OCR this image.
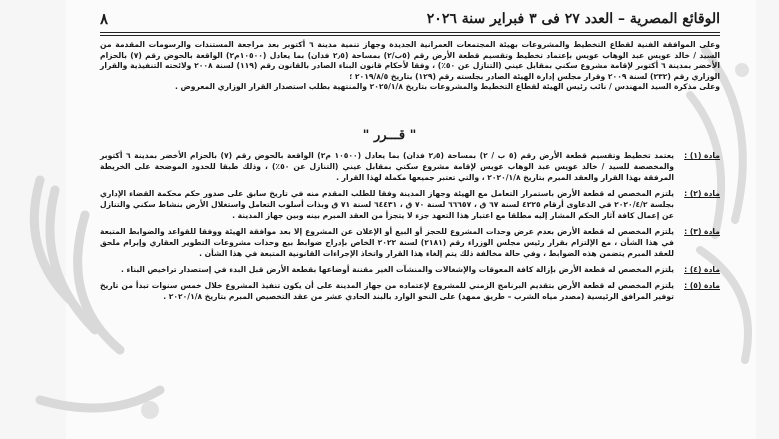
الوقائع المصرية – العدد ٢٧ فى ٣ فبراير سنة ٢٠٢٦
٨

وعلى الموافقة الفنية لقطاع التخطيط والمشروعات بهيئة المجتمعات العمرانية الجديدة وجهاز تنمية مدينة ٦ أكتوبر بعد مراجعة المستندات والرسومات المقدمة من السيد / خالد عويس عبد الوهاب عويس بإعتماد تخطيط وتقسيم قطعة الأرض رقم (٥ب/٢) بمساحة (٢٫٥ فدان) بما يعادل (١٠٥٠٠م٢) الواقعة بالحوض رقم (٧) بالحزام الأخضر بمدينة ٦ أكتوبر لإقامة مشروع سكني بمقابل عيني (التنازل عن ٥٠٪) ، وفقا لأحكام قانون البناء الصادر بالقانون رقم (١١٩) لسنة ٢٠٠٨ ولائحته التنفيذية والقرار الوزاري رقم (٢٣٢) لسنة ٢٠٠٩ وقرار مجلس إدارة الهيئة الصادر بجلسته رقم (١٢٩) بتاريخ ٢٠١٩/٨/٥ ؛

وعلى مذكرة السيد المهندس / نائب رئيس الهيئة لقطاع التخطيط والمشروعات بتاريخ ٢٠٢٥/١/٨ والمنتهية بطلب استصدار القرار الوزاري المعروض .

" قـــرر "
مادة (١) :
يعتمد تخطيط وتقسيم قطعة الأرض رقم (٥ ب / ٢) بمساحة (٢٫٥ فدان) بما يعادل (١٠٥٠٠ م٢) الواقعة بالحوض رقم (٧) بالحزام الأخضر بمدينة ٦ أكتوبر والمخصصة للسيد / خالد عويس عبد الوهاب عويس لإقامة مشروع سكني بمقابل عيني (التنازل عن ٥٠٪) ، وذلك طبقا للحدود الموضحة على الخريطة المرفقة بهذا القرار والعقد المبرم بتاريخ ٢٠٢٠/١/٨ ، والتي تعتبر جميعها مكملة لهذا القرار .
مادة (٢) :
يلتزم المخصص له قطعة الأرض باستمرار التعامل مع الهيئة وجهاز المدينة وفقا للطلب المقدم منه في تاريخ سابق على صدور حكم محكمة القضاء الإداري بجلسة ٢٠٢٠/٤/٢ في الدعاوى أرقام ٤٢٢٥ لسنة ٦٧ ق ، ٦٦٦٥٧ لسنة ٧٠ ق ، ٦٤٤٣١ لسنة ٧١ ق وبذات أسلوب التعامل واستغلال الأرض بنشاط سكني والتنازل عن إعمال كافة آثار الحكم المشار إليه مطلقا مع اعتبار هذا التعهد جزء لا يتجزأ من العقد المبرم بينه وبين جهاز المدينة .
مادة (٣) :
يلتزم المخصص له قطعة الأرض بعدم عرض وحدات المشروع للحجز أو البيع أو الإعلان عن المشروع إلا بعد موافقة الهيئة ووفقا للقواعد والضوابط المتبعة في هذا الشأن ، مع الإلتزام بقرار رئيس مجلس الوزراء رقم (٢١٨١) لسنة ٢٠٢٢ الخاص بإدراج ضوابط بيع وحدات مشروعات التطوير العقاري وإبرام ملحق للعقد المبرم يتضمن هذه الضوابط ، وفي حالة مخالفة ذلك يتم إلغاء هذا القرار واتخاذ الإجراءات القانونية المتبعة في هذا الشأن .
مادة (٤) :
يلتزم المخصص له قطعة الأرض بإزالة كافة المعوقات والإشغالات والمنشآت الغير مقننة أوضاعها بقطعة الأرض قبل البدء في إستصدار تراخيص البناء .
مادة (٥) :
يلتزم المخصص له قطعة الأرض بتقديم البرنامج الزمني للمشروع لإعتماده من جهاز المدينة على أن يكون تنفيذ المشروع خلال خمس سنوات تبدأ من تاريخ توفير المرافق الرئيسية (مصدر مياه الشرب – طريق ممهد) على النحو الوارد بالبند الحادي عشر من عقد التخصيص المبرم بتاريخ ٢٠٢٠/١/٨ .
